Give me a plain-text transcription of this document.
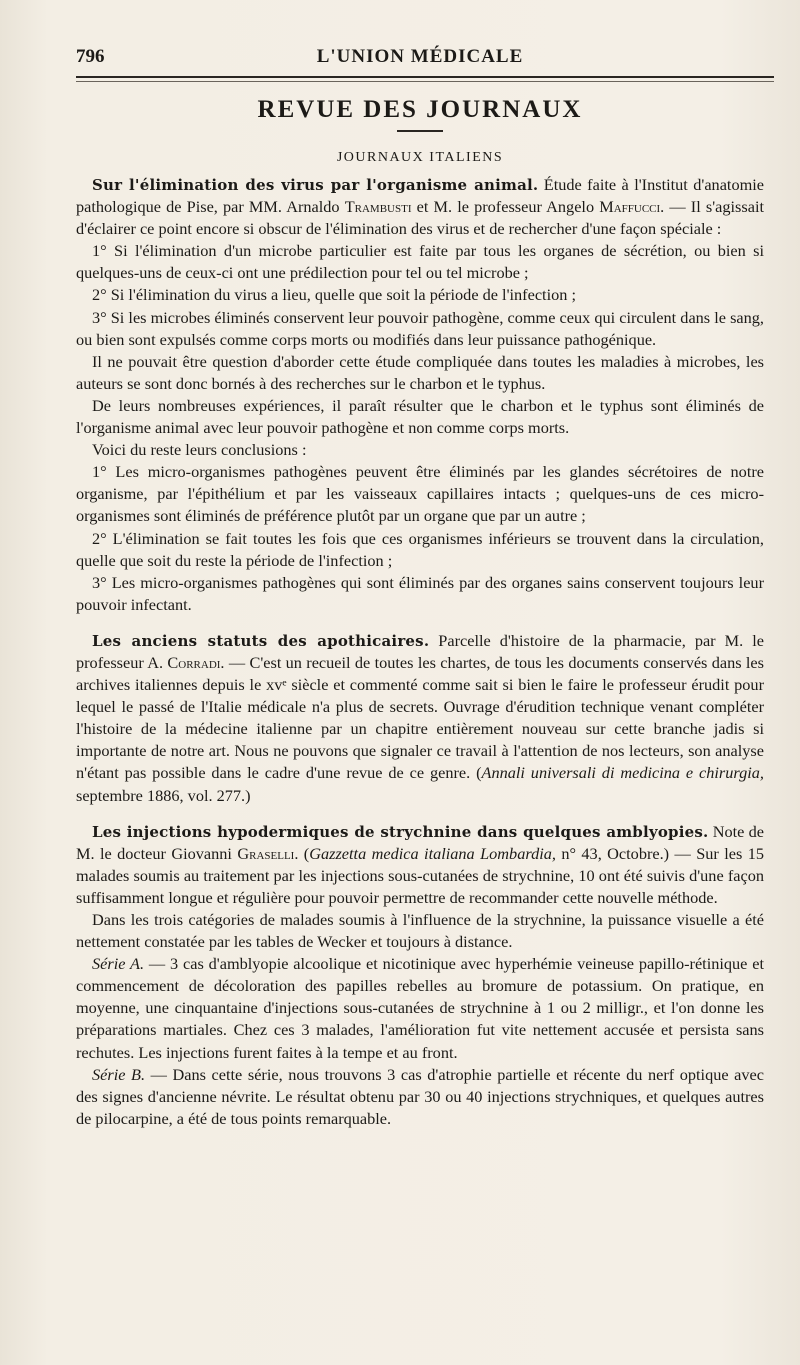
796	L'UNION MÉDICALE
REVUE DES JOURNAUX
JOURNAUX ITALIENS

Sur l'élimination des virus par l'organisme animal. Étude faite à l'Institut d'anatomie pathologique de Pise, par MM. Arnaldo Trambusti et M. le professeur Angelo Maffucci. — Il s'agissait d'éclairer ce point encore si obscur de l'élimination des virus et de rechercher d'une façon spéciale :

1° Si l'élimination d'un microbe particulier est faite par tous les organes de sécrétion, ou bien si quelques-uns de ceux-ci ont une prédilection pour tel ou tel microbe ;

2° Si l'élimination du virus a lieu, quelle que soit la période de l'infection ;

3° Si les microbes éliminés conservent leur pouvoir pathogène, comme ceux qui circulent dans le sang, ou bien sont expulsés comme corps morts ou modifiés dans leur puissance pathogénique.

Il ne pouvait être question d'aborder cette étude compliquée dans toutes les maladies à microbes, les auteurs se sont donc bornés à des recherches sur le charbon et le typhus.

De leurs nombreuses expériences, il paraît résulter que le charbon et le typhus sont éliminés de l'organisme animal avec leur pouvoir pathogène et non comme corps morts.

Voici du reste leurs conclusions :

1° Les micro-organismes pathogènes peuvent être éliminés par les glandes sécrétoires de notre organisme, par l'épithélium et par les vaisseaux capillaires intacts ; quelques-uns de ces micro-organismes sont éliminés de préférence plutôt par un organe que par un autre ;

2° L'élimination se fait toutes les fois que ces organismes inférieurs se trouvent dans la circulation, quelle que soit du reste la période de l'infection ;

3° Les micro-organismes pathogènes qui sont éliminés par des organes sains conservent toujours leur pouvoir infectant.

Les anciens statuts des apothicaires. Parcelle d'histoire de la pharmacie, par M. le professeur A. Corradi. — C'est un recueil de toutes les chartes, de tous les documents conservés dans les archives italiennes depuis le xvᵉ siècle et commenté comme sait si bien le faire le professeur érudit pour lequel le passé de l'Italie médicale n'a plus de secrets. Ouvrage d'érudition technique venant compléter l'histoire de la médecine italienne par un chapitre entièrement nouveau sur cette branche jadis si importante de notre art. Nous ne pouvons que signaler ce travail à l'attention de nos lecteurs, son analyse n'étant pas possible dans le cadre d'une revue de ce genre. (Annali universali di medicina e chirurgia, septembre 1886, vol. 277.)

Les injections hypodermiques de strychnine dans quelques amblyopies. Note de M. le docteur Giovanni Graselli. (Gazzetta medica italiana Lombardia, n° 43, Octobre.) — Sur les 15 malades soumis au traitement par les injections sous-cutanées de strychnine, 10 ont été suivis d'une façon suffisamment longue et régulière pour pouvoir permettre de recommander cette nouvelle méthode.

Dans les trois catégories de malades soumis à l'influence de la strychnine, la puissance visuelle a été nettement constatée par les tables de Wecker et toujours à distance.

Série A. — 3 cas d'amblyopie alcoolique et nicotinique avec hyperhémie veineuse papillo-rétinique et commencement de décoloration des papilles rebelles au bromure de potassium. On pratique, en moyenne, une cinquantaine d'injections sous-cutanées de strychnine à 1 ou 2 milligr., et l'on donne les préparations martiales. Chez ces 3 malades, l'amélioration fut vite nettement accusée et persista sans rechutes. Les injections furent faites à la tempe et au front.

Série B. — Dans cette série, nous trouvons 3 cas d'atrophie partielle et récente du nerf optique avec des signes d'ancienne névrite. Le résultat obtenu par 30 ou 40 injections strychniques, et quelques autres de pilocarpine, a été de tous points remarquable.
